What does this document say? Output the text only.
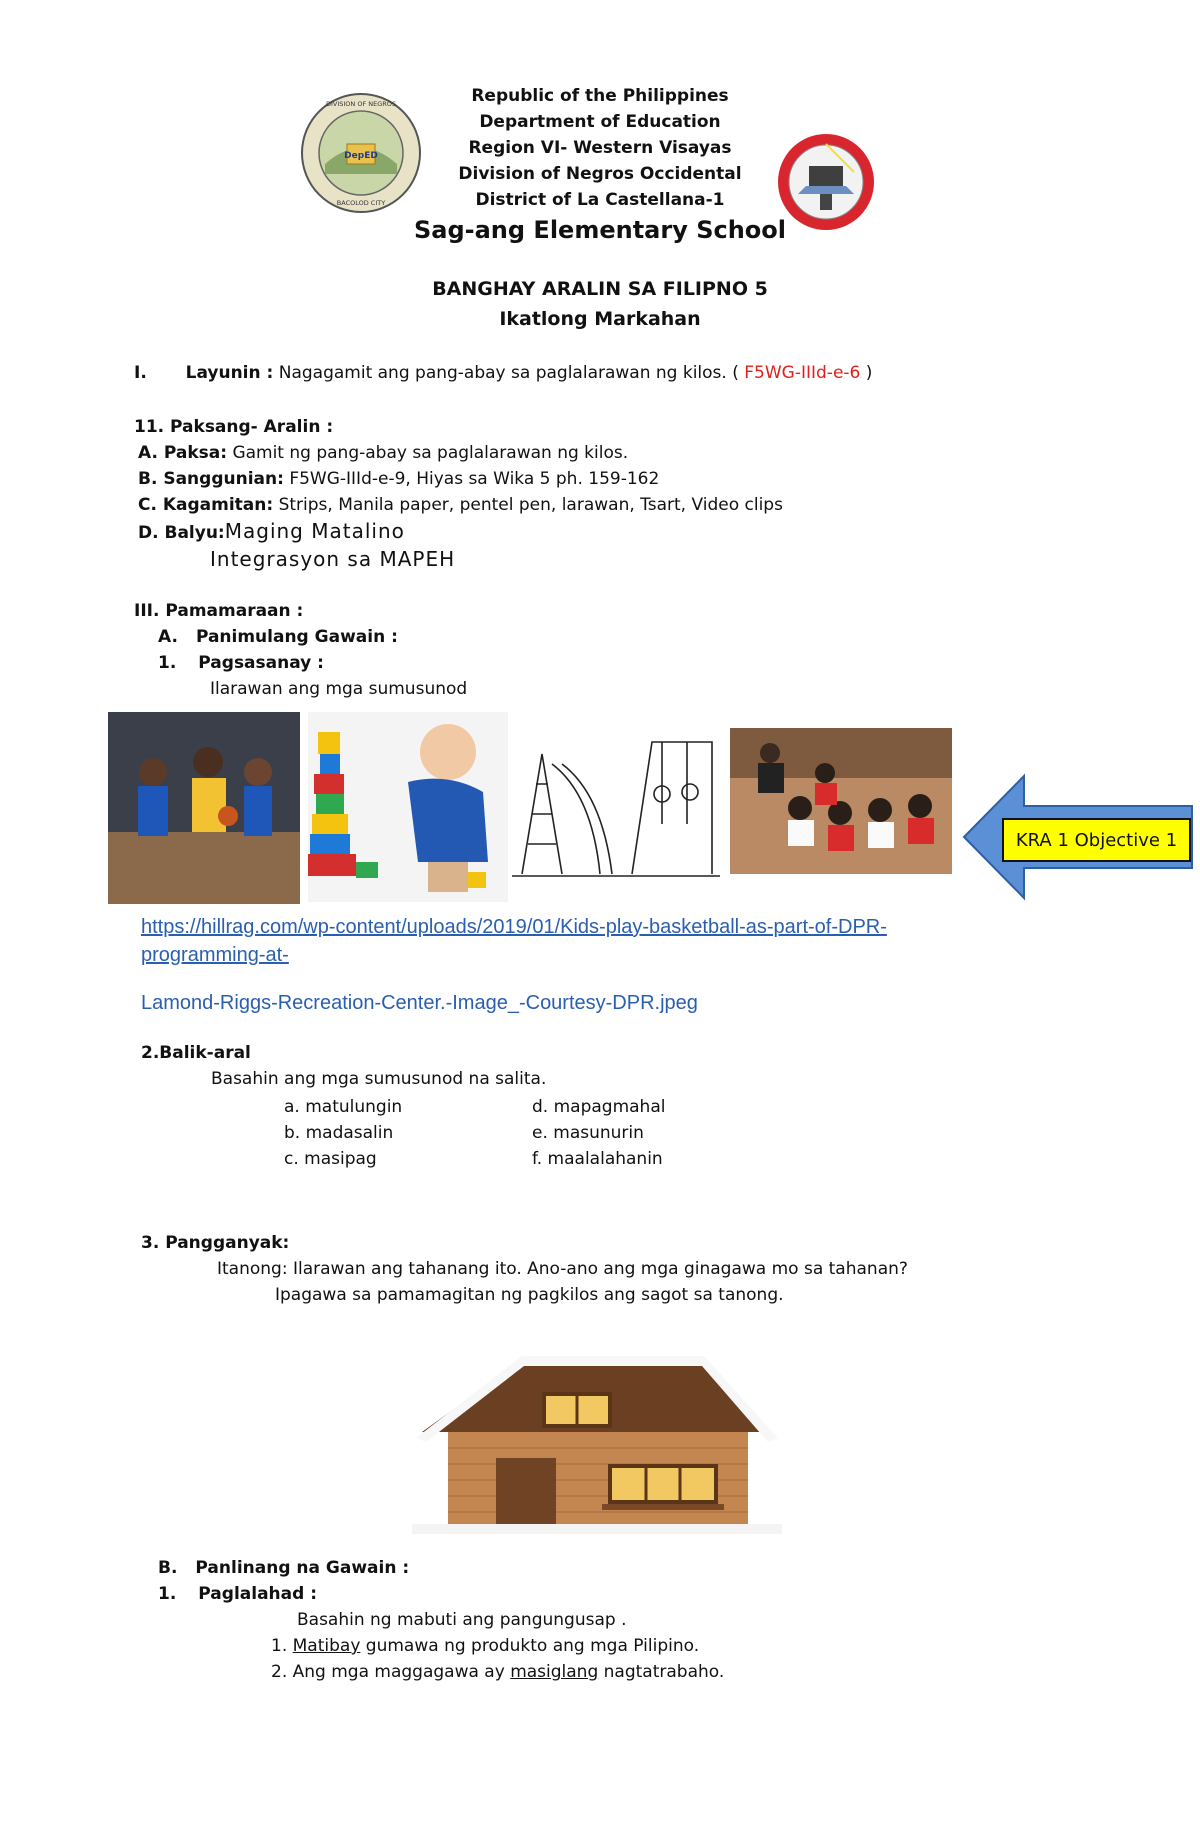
DepED
DIVISION OF NEGROS
BACOLOD CITY
Republic of the Philippines
Department of Education
Region VI- Western Visayas
Division of Negros Occidental
District of La Castellana-1
Sag-ang Elementary School
BANGHAY ARALIN SA FILIPNO 5
Ikatlong Markahan
I. Layunin : Nagagamit ang pang-abay sa paglalarawan ng kilos. ( F5WG-IIId-e-6 )
11. Paksang- Aralin :
A. Paksa: Gamit ng pang-abay sa paglalarawan ng kilos.
B. Sanggunian: F5WG-IIId-e-9, Hiyas sa Wika 5 ph. 159-162
C. Kagamitan: Strips, Manila paper, pentel pen, larawan, Tsart, Video clips
D. Balyu:Maging Matalino
Integrasyon sa MAPEH
III. Pamamaraan :
A. Panimulang Gawain :
1. Pagsasanay :
Ilarawan ang mga sumusunod
KRA 1 Objective 1
https://hillrag.com/wp-content/uploads/2019/01/Kids-play-basketball-as-part-of-DPR-
programming-at-
Lamond-Riggs-Recreation-Center.-Image_-Courtesy-DPR.jpeg
2.Balik-aral
Basahin ang mga sumusunod na salita.
a. matulungin
b. madasalin
c. masipag
d. mapagmahal
e. masunurin
f. maalalahanin
3. Pangganyak:
Itanong: Ilarawan ang tahanang ito. Ano-ano ang mga ginagawa mo sa tahanan?
Ipagawa sa pamamagitan ng pagkilos ang sagot sa tanong.
B. Panlinang na Gawain :
1. Paglalahad :
Basahin ng mabuti ang pangungusap .
1. Matibay gumawa ng produkto ang mga Pilipino.
2. Ang mga maggagawa ay masiglang nagtatrabaho.
